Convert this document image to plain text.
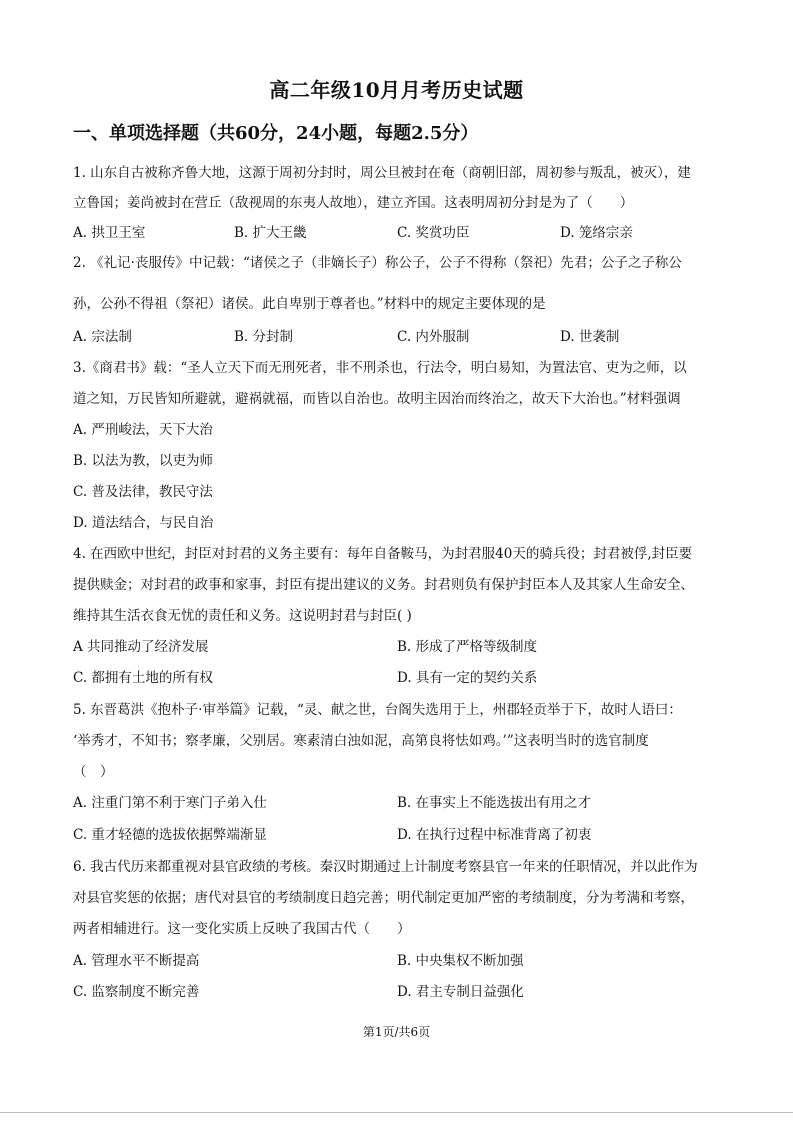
高二年级10月月考历史试题
一、单项选择题（共60分，24小题，每题2.5分）
1. 山东自古被称齐鲁大地，这源于周初分封时，周公旦被封在奄（商朝旧部，周初参与叛乱，被灭），建
立鲁国；姜尚被封在营丘（敌视周的东夷人故地），建立齐国。这表明周初分封是为了（　　）
A. 拱卫王室	B. 扩大王畿	C. 奖赏功臣	D. 笼络宗亲
2. 《礼记·丧服传》中记载：“诸侯之子（非嫡长子）称公子，公子不得称（祭祀）先君；公子之子称公
孙，公孙不得祖（祭祀）诸侯。此自卑别于尊者也。”材料中的规定主要体现的是
A. 宗法制	B. 分封制	C. 内外服制	D. 世袭制
3.《商君书》载：“圣人立天下而无刑死者，非不刑杀也，行法令，明白易知，为置法官、吏为之师，以
道之知，万民皆知所避就，避祸就福，而皆以自治也。故明主因治而终治之，故天下大治也。”材料强调
A. 严刑峻法，天下大治
B. 以法为教，以吏为师
C. 普及法律，教民守法
D. 道法结合，与民自治
4. 在西欧中世纪，封臣对封君的义务主要有：每年自备鞍马，为封君服40天的骑兵役；封君被俘,封臣要
提供赎金；对封君的政事和家事，封臣有提出建议的义务。封君则负有保护封臣本人及其家人生命安全、
维持其生活衣食无忧的责任和义务。这说明封君与封臣( )
A 共同推动了经济发展	B. 形成了严格等级制度
C. 都拥有土地的所有权	D. 具有一定的契约关系
5. 东晋葛洪《抱朴子·审举篇》记载，“灵、献之世，台阁失选用于上，州郡轻贡举于下，故时人语曰：
‘举秀才，不知书；察孝廉，父别居。寒素清白浊如泥，高第良将怯如鸡。’”这表明当时的选官制度
（　）
A. 注重门第不利于寒门子弟入仕	B. 在事实上不能选拔出有用之才
C. 重才轻德的选拔依据弊端渐显	D. 在执行过程中标准背离了初衷
6. 我古代历来都重视对县官政绩的考核。秦汉时期通过上计制度考察县官一年来的任职情况，并以此作为
对县官奖惩的依据；唐代对县官的考绩制度日趋完善；明代制定更加严密的考绩制度，分为考满和考察，
两者相辅进行。这一变化实质上反映了我国古代（　　）
A. 管理水平不断提高	B. 中央集权不断加强
C. 监察制度不断完善	D. 君主专制日益强化
第1页/共6页
